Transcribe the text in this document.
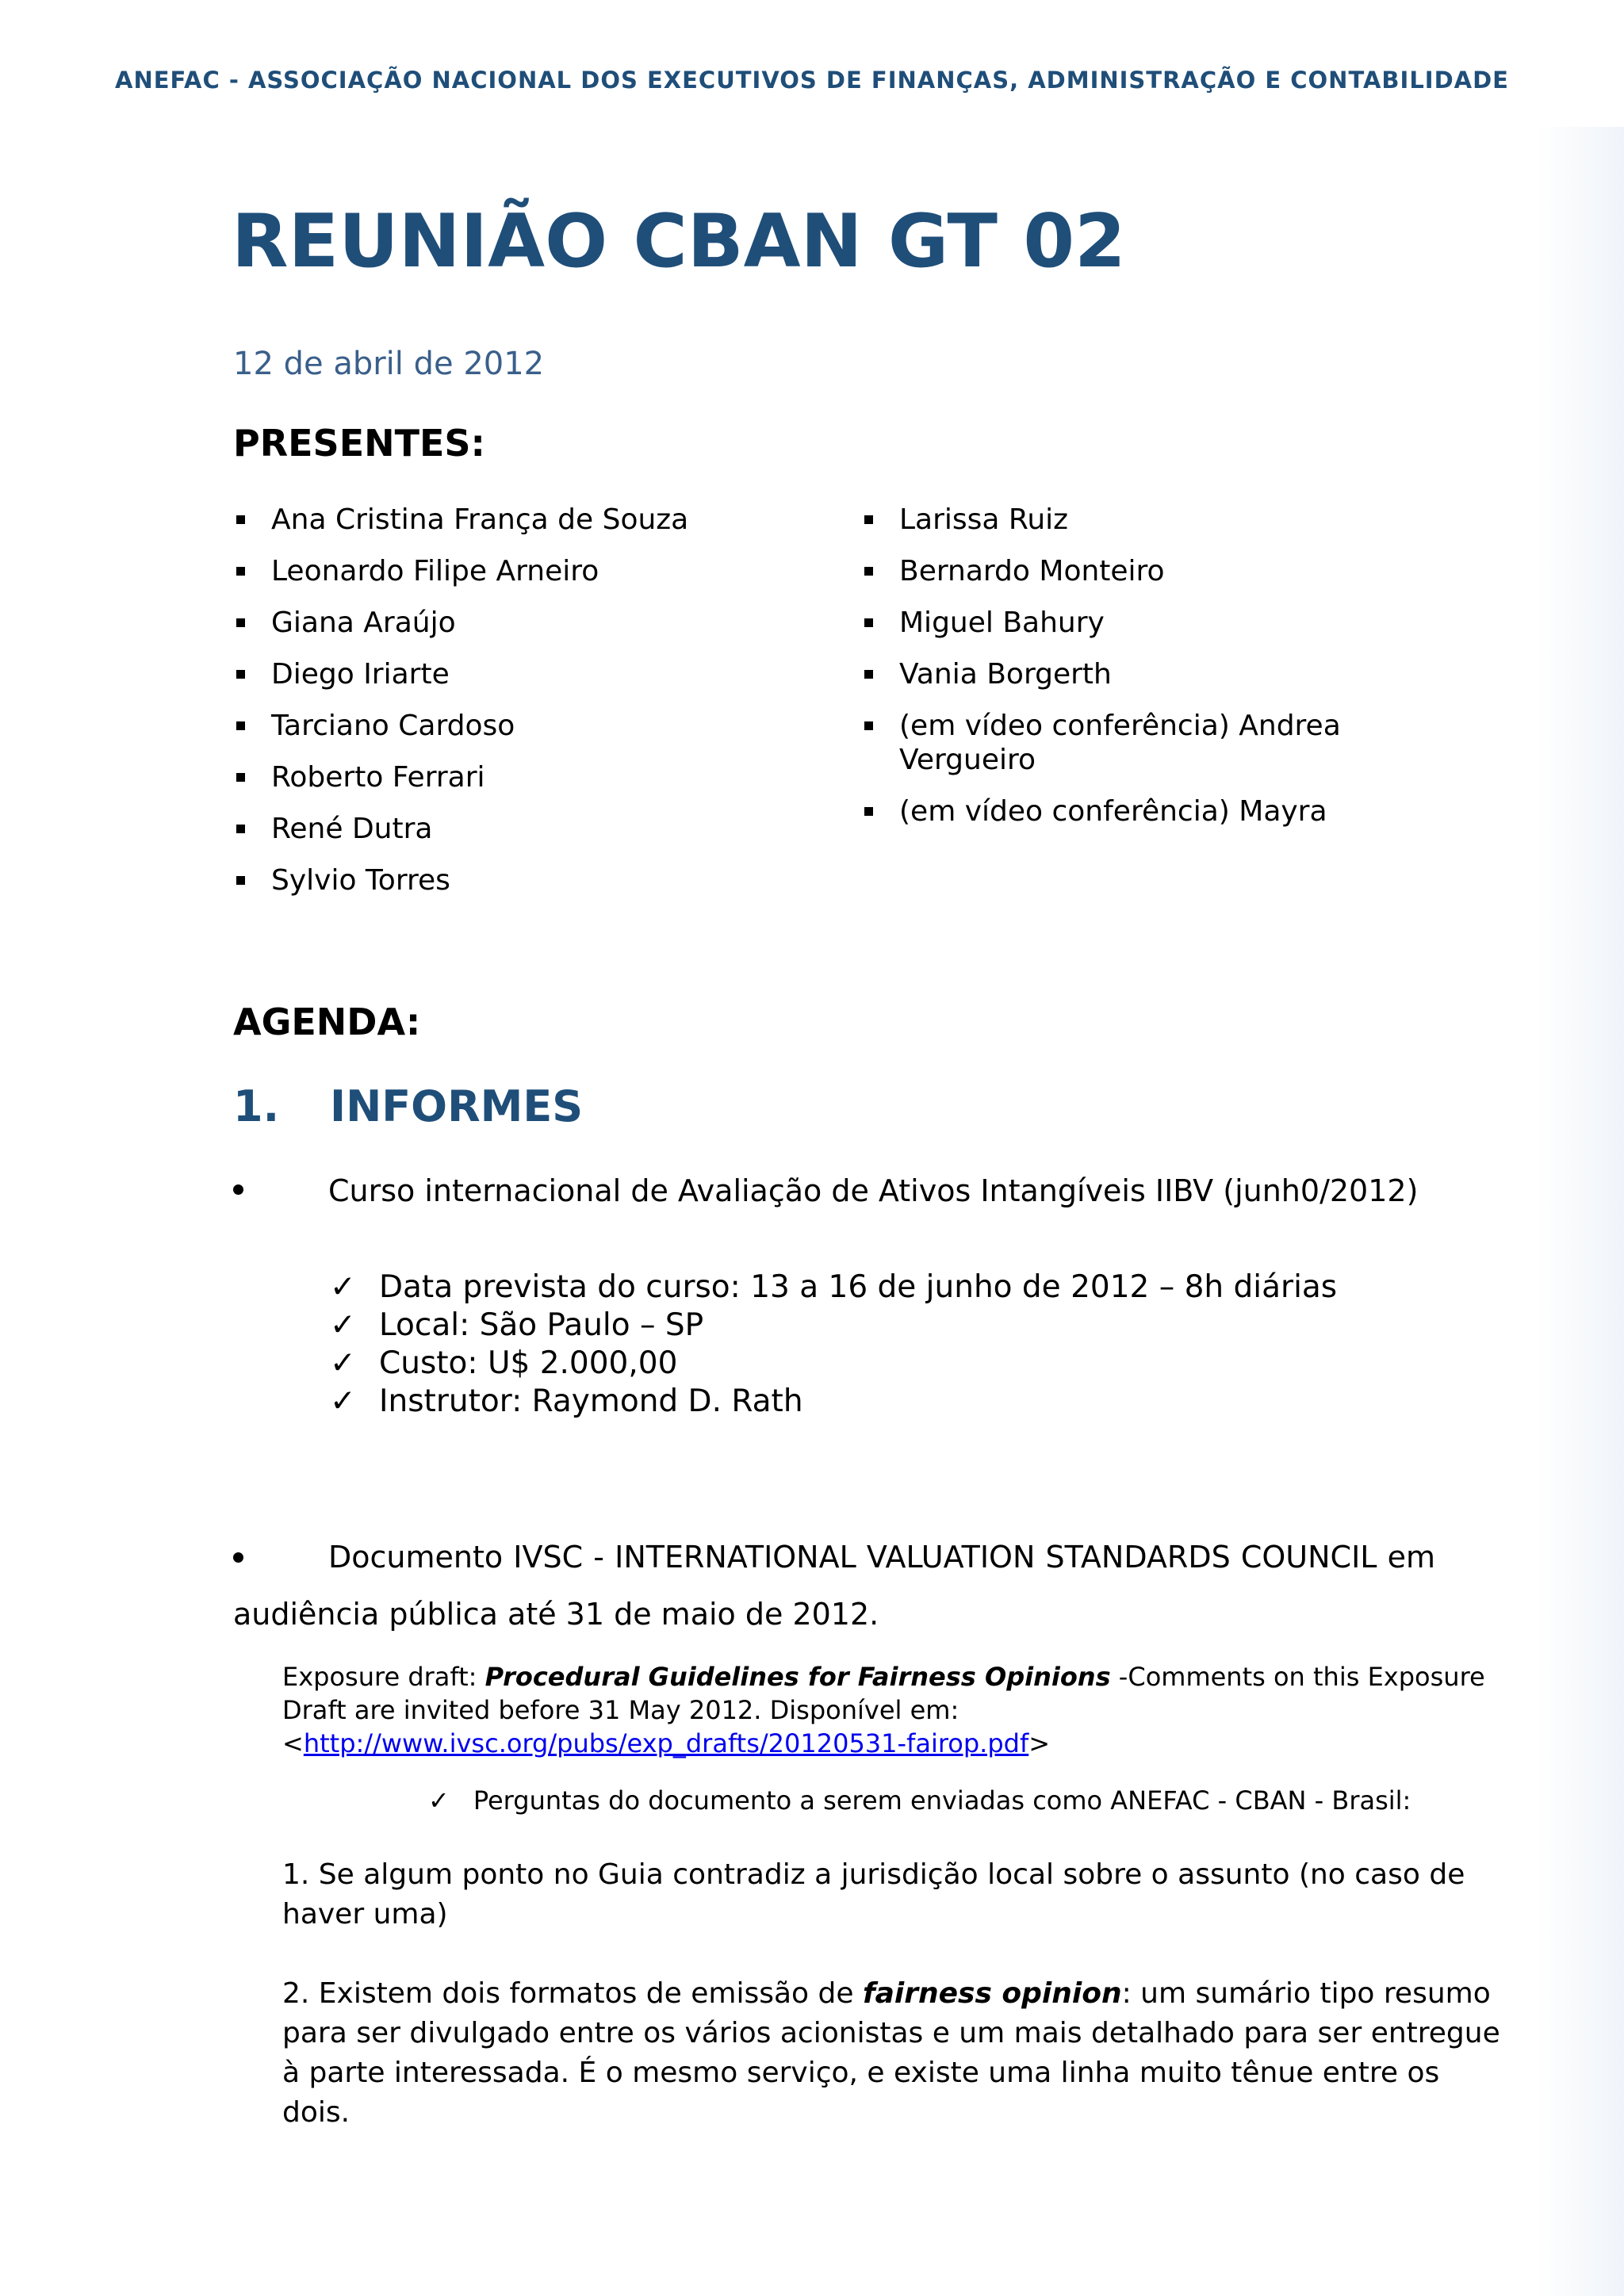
ANEFAC - ASSOCIAÇÃO NACIONAL DOS EXECUTIVOS DE FINANÇAS, ADMINISTRAÇÃO E CONTABILIDADE
REUNIÃO CBAN GT 02
12 de abril de 2012
PRESENTES:
Ana Cristina França de Souza
Leonardo Filipe Arneiro
Giana Araújo
Diego Iriarte
Tarciano Cardoso
Roberto Ferrari
René Dutra
Sylvio Torres
Larissa Ruiz
Bernardo Monteiro
Miguel Bahury
Vania Borgerth
(em vídeo conferência) Andrea Vergueiro
(em vídeo conferência) Mayra
AGENDA:
1. INFORMES
Curso internacional de Avaliação de Ativos Intangíveis IIBV (junh0/2012)
✓ Data prevista do curso: 13 a 16 de junho de 2012 – 8h diárias
✓ Local: São Paulo – SP
✓ Custo: U$ 2.000,00
✓ Instrutor: Raymond D. Rath
Documento IVSC - INTERNATIONAL VALUATION STANDARDS COUNCIL em
audiência pública até 31 de maio de 2012.
Exposure draft: Procedural Guidelines for Fairness Opinions -Comments on this Exposure Draft are invited before 31 May 2012. Disponível em: <http://www.ivsc.org/pubs/exp_drafts/20120531-fairop.pdf>
✓ Perguntas do documento a serem enviadas como ANEFAC - CBAN - Brasil:
1. Se algum ponto no Guia contradiz a jurisdição local sobre o assunto (no caso de haver uma)
2. Existem dois formatos de emissão de fairness opinion: um sumário tipo resumo para ser divulgado entre os vários acionistas e um mais detalhado para ser entregue à parte interessada. É o mesmo serviço, e existe uma linha muito tênue entre os dois.
